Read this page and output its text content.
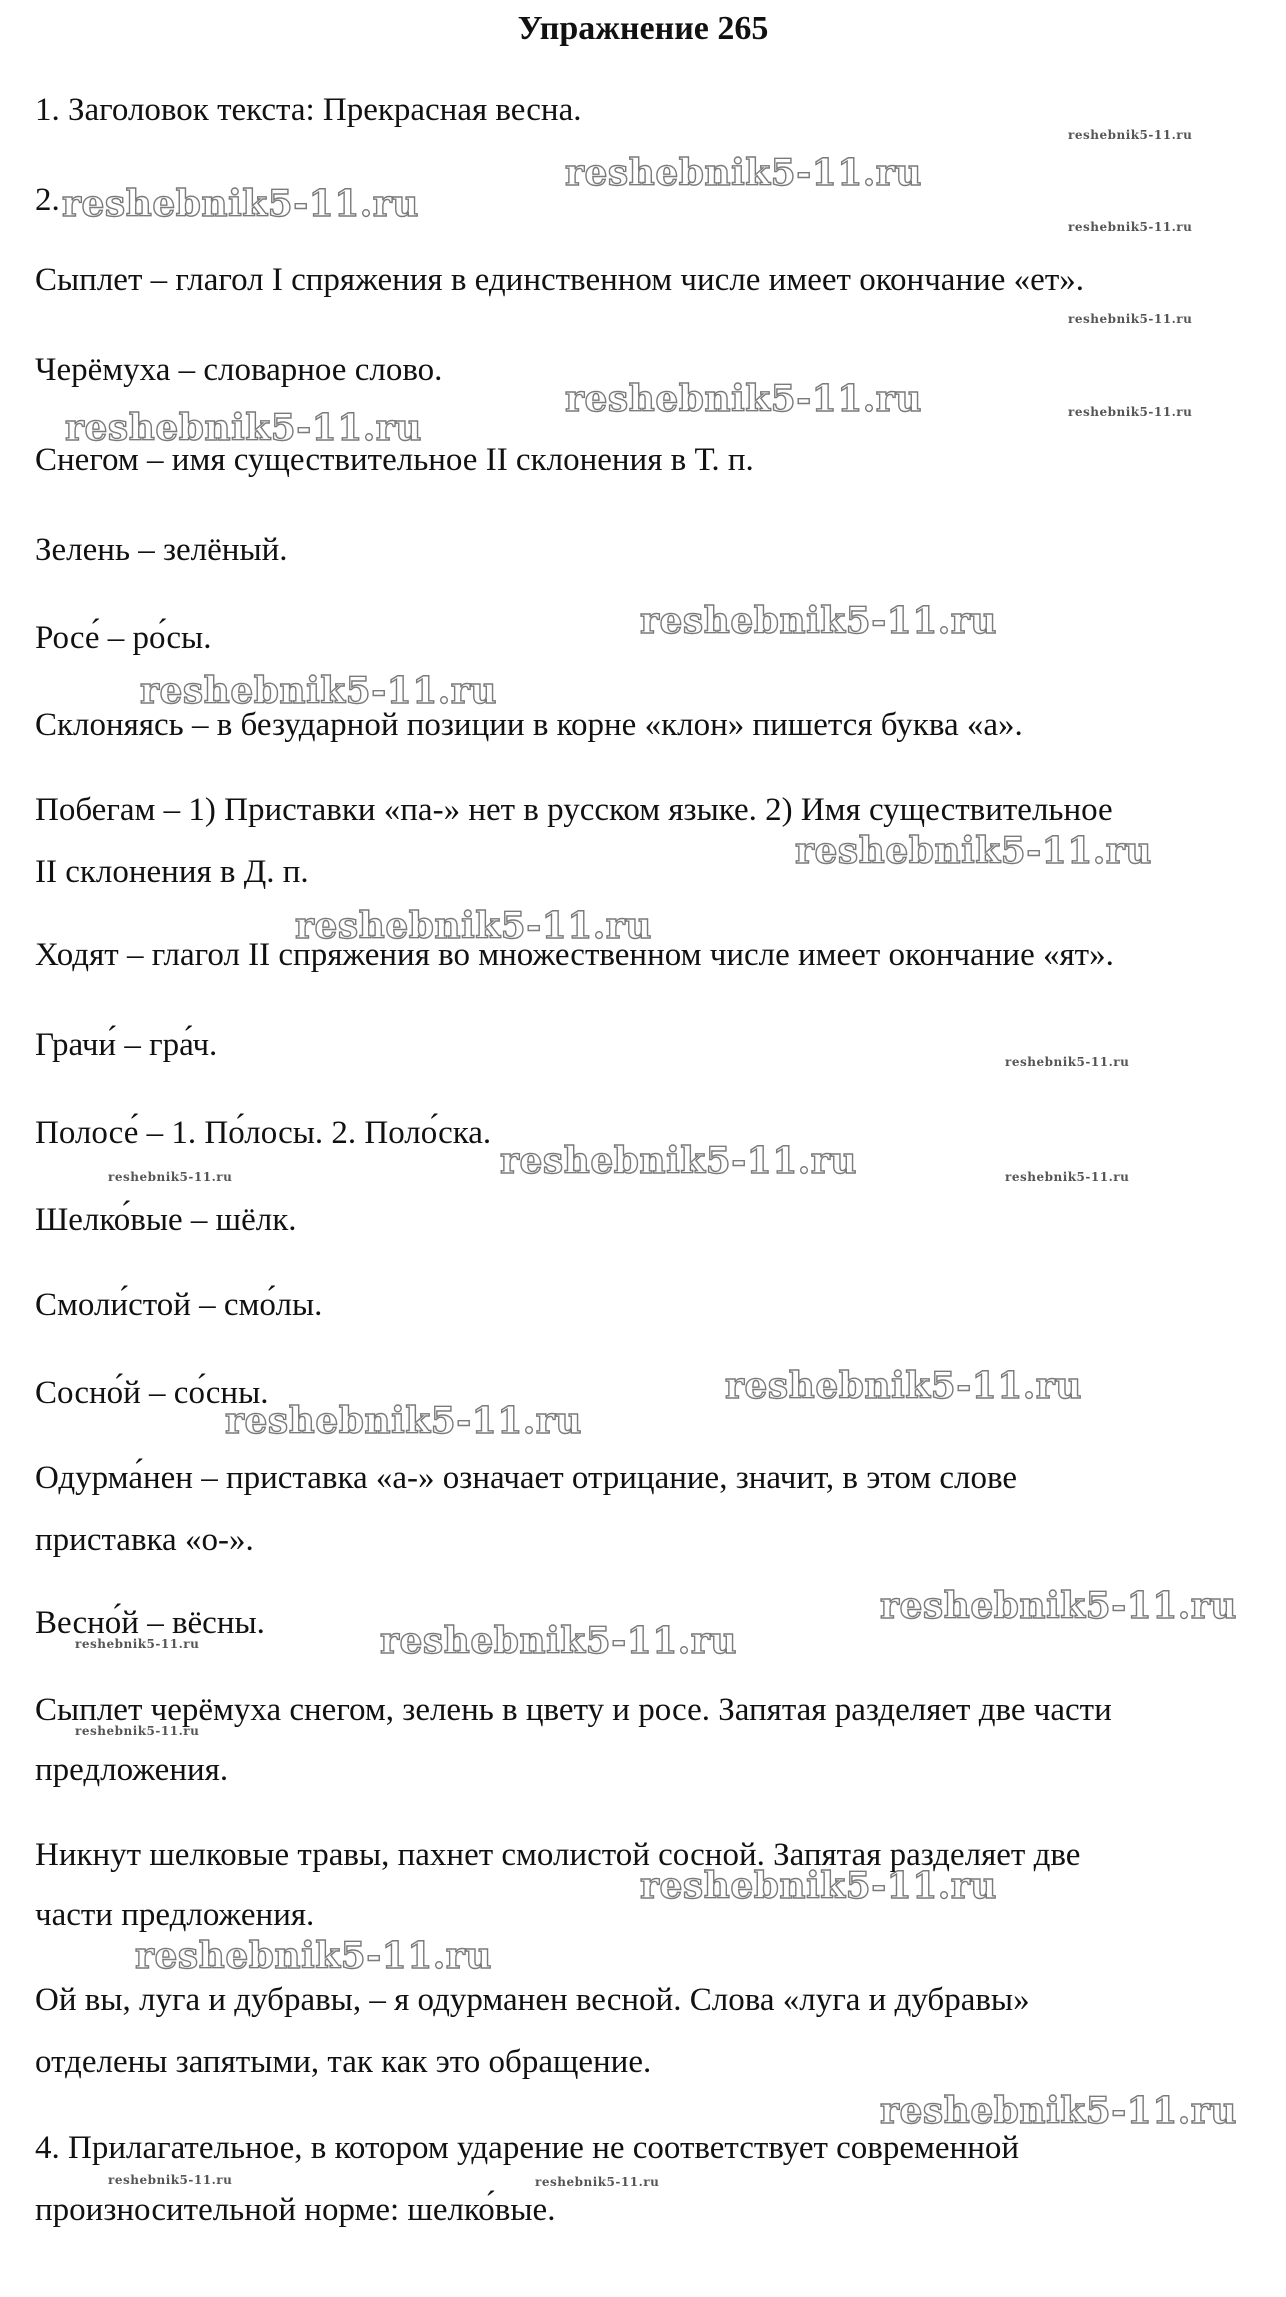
Упражнение 265
1. Заголовок текста: Прекрасная весна.
2.
Сыплет – глагол I спряжения в единственном числе имеет окончание «ет».
Черёмуха – словарное слово.
Снегом – имя существительное II склонения в Т. п.
Зелень – зелёный.
Росе́ – ро́сы.
Склоняясь – в безударной позиции в корне «клон» пишется буква «а».
Побегам – 1) Приставки «па-» нет в русском языке. 2) Имя существительное
II склонения в Д. п.
Ходят – глагол II спряжения во множественном числе имеет окончание «ят».
Грачи́ – гра́ч.
Полосе́ – 1. По́лосы. 2. Поло́ска.
Шелко́вые – шёлк.
Смоли́стой – смо́лы.
Сосно́й – со́сны.
Одурма́нен – приставка «а-» означает отрицание, значит, в этом слове
приставка «о-».
Весно́й – вёсны.
Сыплет черёмуха снегом, зелень в цвету и росе. Запятая разделяет две части
предложения.
Никнут шелковые травы, пахнет смолистой сосной. Запятая разделяет две
части предложения.
Ой вы, луга и дубравы, – я одурманен весной. Слова «луга и дубравы»
отделены запятыми, так как это обращение.
4. Прилагательное, в котором ударение не соответствует современной
произносительной норме: шелко́вые.
reshebnik5-11.ru
reshebnik5-11.ru
reshebnik5-11.ru
reshebnik5-11.ru
reshebnik5-11.ru
reshebnik5-11.ru
reshebnik5-11.ru
reshebnik5-11.ru
reshebnik5-11.ru
reshebnik5-11.ru
reshebnik5-11.ru
reshebnik5-11.ru
reshebnik5-11.ru
reshebnik5-11.ru
reshebnik5-11.ru
reshebnik5-11.ru
reshebnik5-11.ru
reshebnik5-11.ru
reshebnik5-11.ru
reshebnik5-11.ru
reshebnik5-11.ru
reshebnik5-11.ru	reshebnik5-11.ru
reshebnik5-11.ru
reshebnik5-11.ru
reshebnik5-11.ru	reshebnik5-11.ru
